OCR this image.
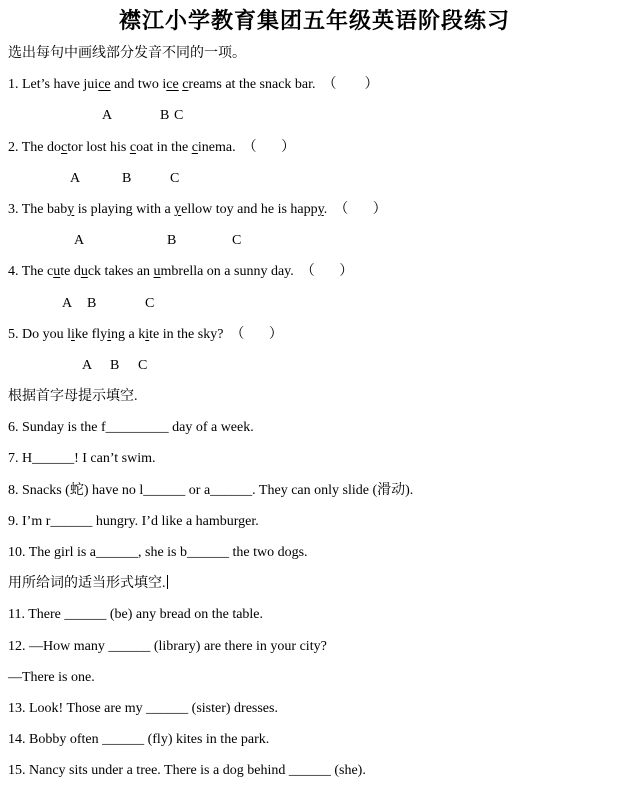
襟江小学教育集团五年级英语阶段练习
选出每句中画线部分发音不同的一项。
1. Let’s have juice and two ice creams at the snack bar.  （        ）

A

	B

C

2. The doctor lost his coat in the cinema.  （       ）

A

	B

	C

3. The baby is playing with a yellow toy and he is happy.  （       ）

A

	B

	C

4. The cute duck takes an umbrella on a sunny day.  （       ）

A

B

	C

5. Do you like flying a kite in the sky?  （       ）

A

B

C

根据首字母提示填空.
6. Sunday is the f_________ day of a week.
7. H______! I can’t swim.
8. Snacks (蛇) have no l______ or a______. They can only slide (滑动).
9. I’m r______ hungry. I’d like a hamburger.
10. The girl is a______, she is b______ the two dogs.
用所给词的适当形式填空.
11. There ______ (be) any bread on the table.
12. —How many ______ (library) are there in your city?
—There is one.
13. Look! Those are my ______ (sister) dresses.
14. Bobby often ______ (fly) kites in the park.
15. Nancy sits under a tree. There is a dog behind ______ (she).
